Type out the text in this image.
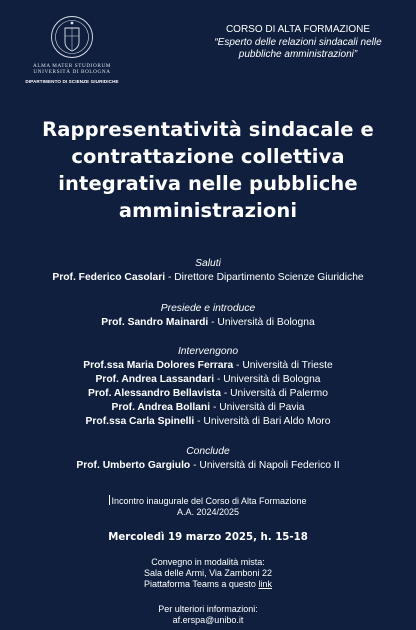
ALMA MATER STUDIORUM
UNIVERSITÀ DI BOLOGNA
DIPARTIMENTO DI SCIENZE GIURIDICHE
CORSO DI ALTA FORMAZIONE
“Esperto delle relazioni sindacali nelle pubbliche amministrazioni”
Rappresentatività sindacale e
contrattazione collettiva
integrativa nelle pubbliche
amministrazioni
Saluti
Prof. Federico Casolari - Direttore Dipartimento Scienze Giuridiche
Presiede e introduce
Prof. Sandro Mainardi - Università di Bologna
Intervengono
Prof.ssa Maria Dolores Ferrara - Università di Trieste
Prof. Andrea Lassandari - Università di Bologna
Prof. Alessandro Bellavista - Università di Palermo
Prof. Andrea Bollani - Università di Pavia
Prof.ssa Carla Spinelli - Università di Bari Aldo Moro
Conclude
Prof. Umberto Gargiulo - Università di Napoli Federico II
Incontro inaugurale del Corso di Alta Formazione
A.A. 2024/2025
Mercoledì 19 marzo 2025, h. 15-18
Convegno in modalità mista:
Sala delle Armi, Via Zamboni 22
Piattaforma Teams a questo link
Per ulteriori informazioni:
af.erspa@unibo.it
